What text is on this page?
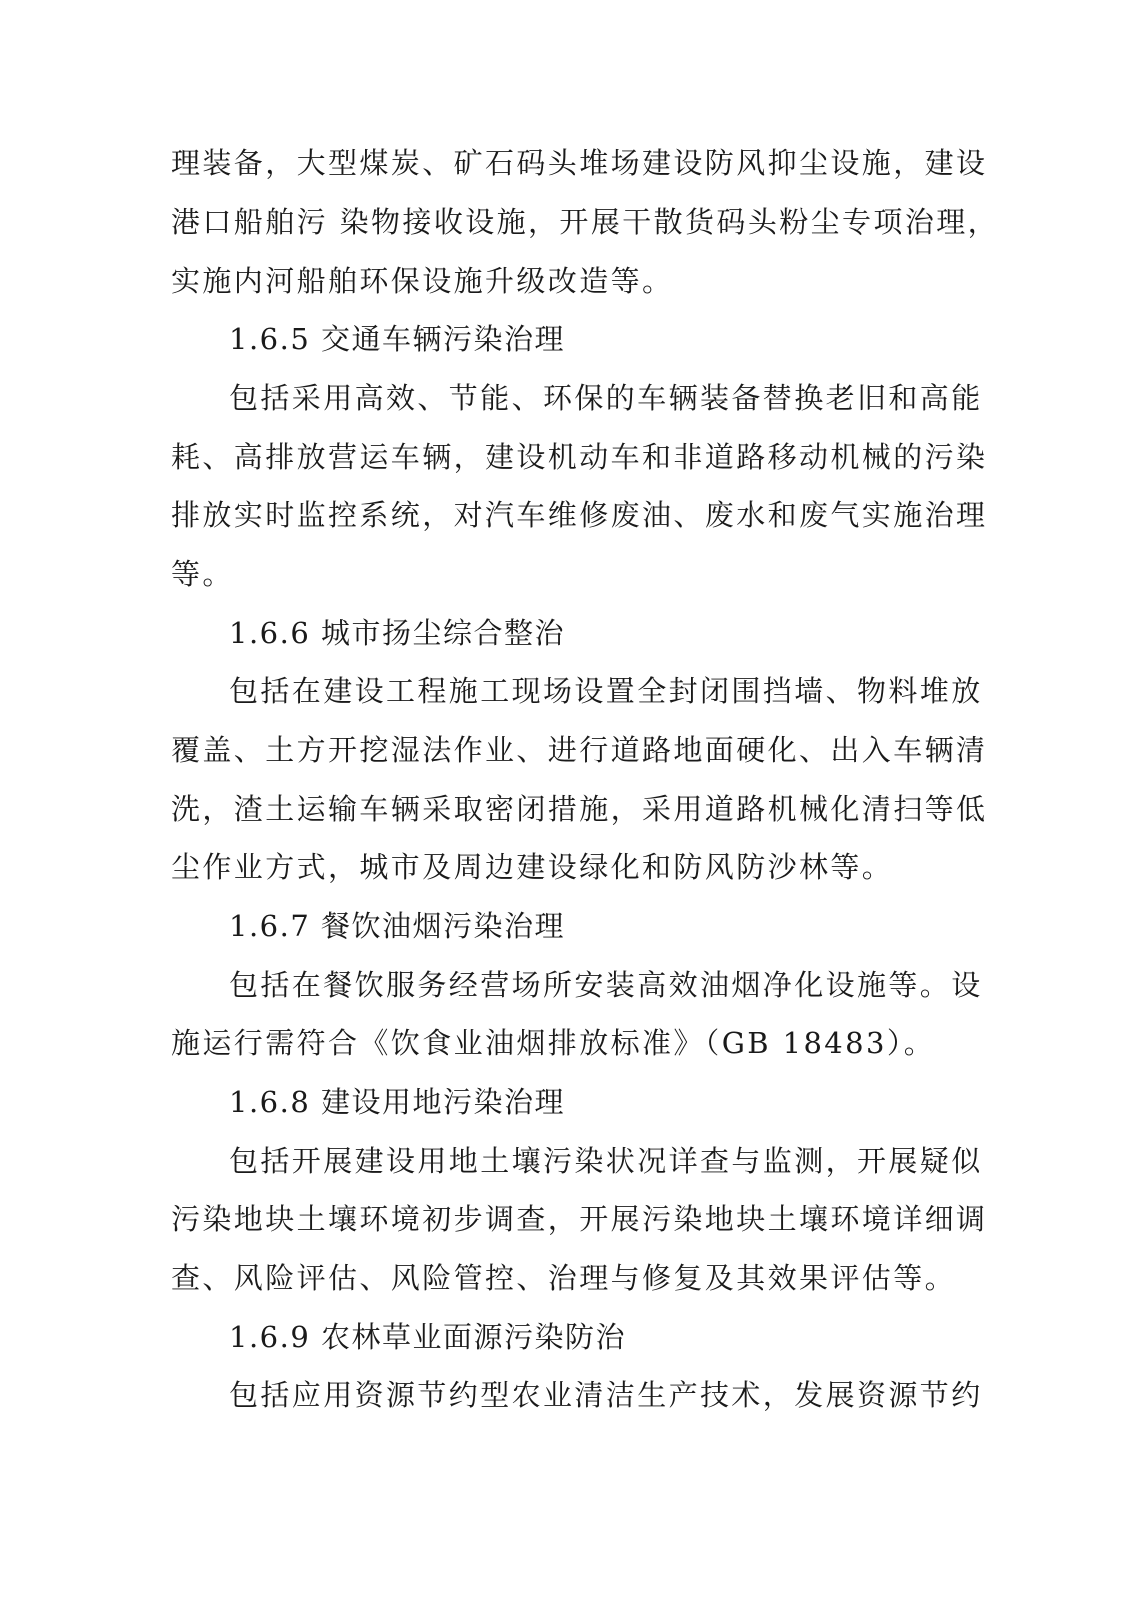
理装备，大型煤炭、矿石码头堆场建设防风抑尘设施，建设
港口船舶污 染物接收设施，开展干散货码头粉尘专项治理，
实施内河船舶环保设施升级改造等。
1.6.5 交通车辆污染治理
包括采用高效、节能、环保的车辆装备替换老旧和高能
耗、高排放营运车辆，建设机动车和非道路移动机械的污染
排放实时监控系统，对汽车维修废油、废水和废气实施治理
等。
1.6.6 城市扬尘综合整治
包括在建设工程施工现场设置全封闭围挡墙、物料堆放
覆盖、土方开挖湿法作业、进行道路地面硬化、出入车辆清
洗，渣土运输车辆采取密闭措施，采用道路机械化清扫等低
尘作业方式，城市及周边建设绿化和防风防沙林等。
1.6.7 餐饮油烟污染治理
包括在餐饮服务经营场所安装高效油烟净化设施等。设
施运行需符合《饮食业油烟排放标准》（GB 18483）。
1.6.8 建设用地污染治理
包括开展建设用地土壤污染状况详查与监测，开展疑似
污染地块土壤环境初步调查，开展污染地块土壤环境详细调
查、风险评估、风险管控、治理与修复及其效果评估等。
1.6.9 农林草业面源污染防治
包括应用资源节约型农业清洁生产技术，发展资源节约
